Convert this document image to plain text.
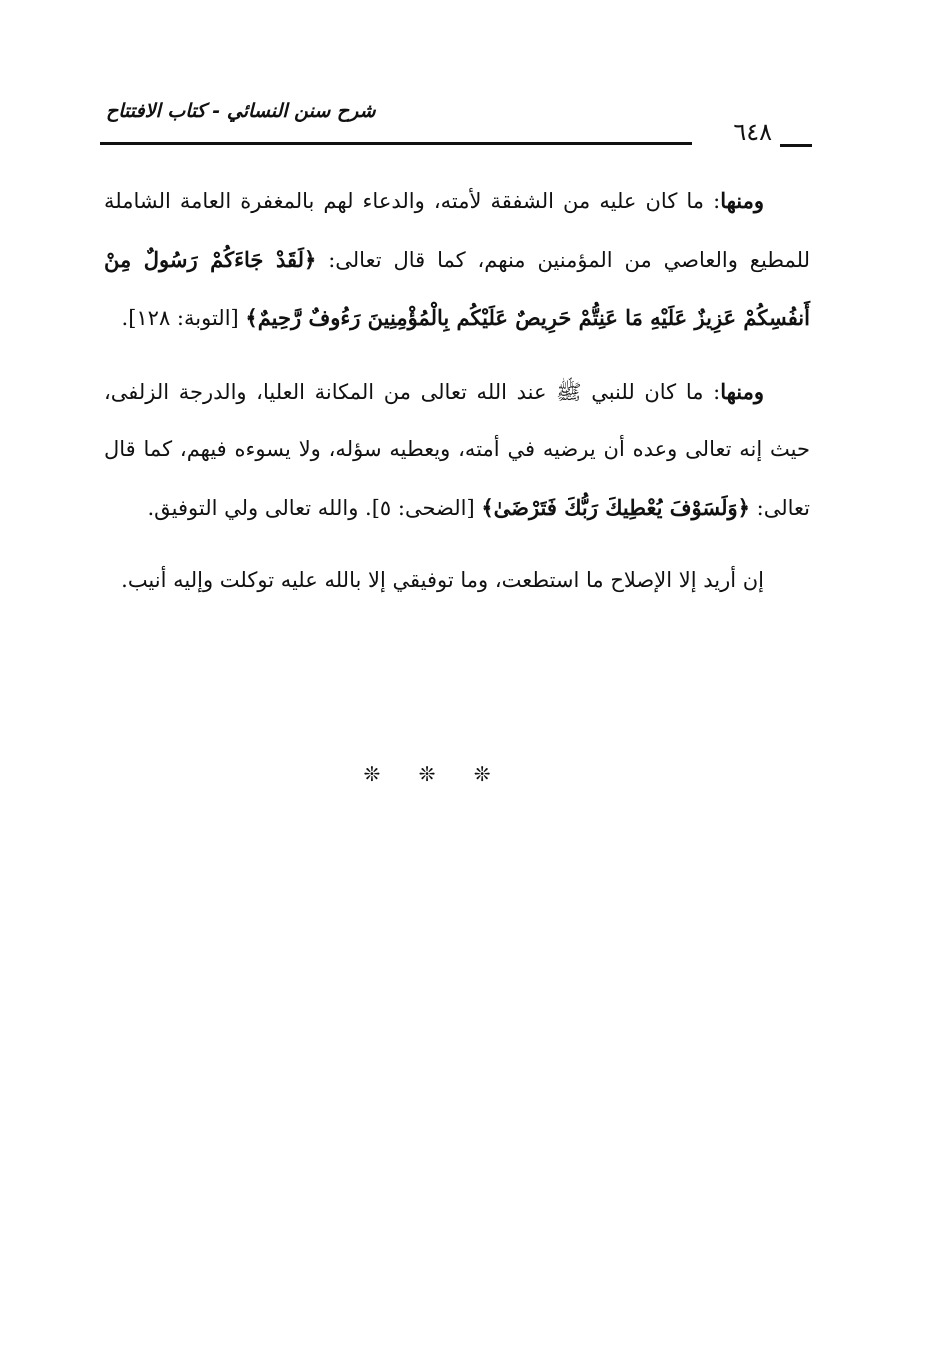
٦٤٨
شرح سنن النسائي - كتاب الافتتاح

ومنها: ما كان عليه من الشفقة لأمته، والدعاء لهم بالمغفرة العامة الشاملة للمطيع والعاصي من المؤمنين منهم، كما قال تعالى: ﴿لَقَدْ جَاءَكُمْ رَسُولٌ مِنْ أَنفُسِكُمْ عَزِيزٌ عَلَيْهِ مَا عَنِتُّمْ حَرِيصٌ عَلَيْكُم بِالْمُؤْمِنِينَ رَءُوفٌ رَّحِيمٌ﴾ [التوبة: ١٢٨].

ومنها: ما كان للنبي ﷺ عند الله تعالى من المكانة العليا، والدرجة الزلفى، حيث إنه تعالى وعده أن يرضيه في أمته، ويعطيه سؤله، ولا يسوءه فيهم، كما قال تعالى: ﴿وَلَسَوْفَ يُعْطِيكَ رَبُّكَ فَتَرْضَىٰ﴾ [الضحى: ٥]. والله تعالى ولي التوفيق.

إن أريد إلا الإصلاح ما استطعت، وما توفيقي إلا بالله عليه توكلت وإليه أنيب.

❊ ❊ ❊
